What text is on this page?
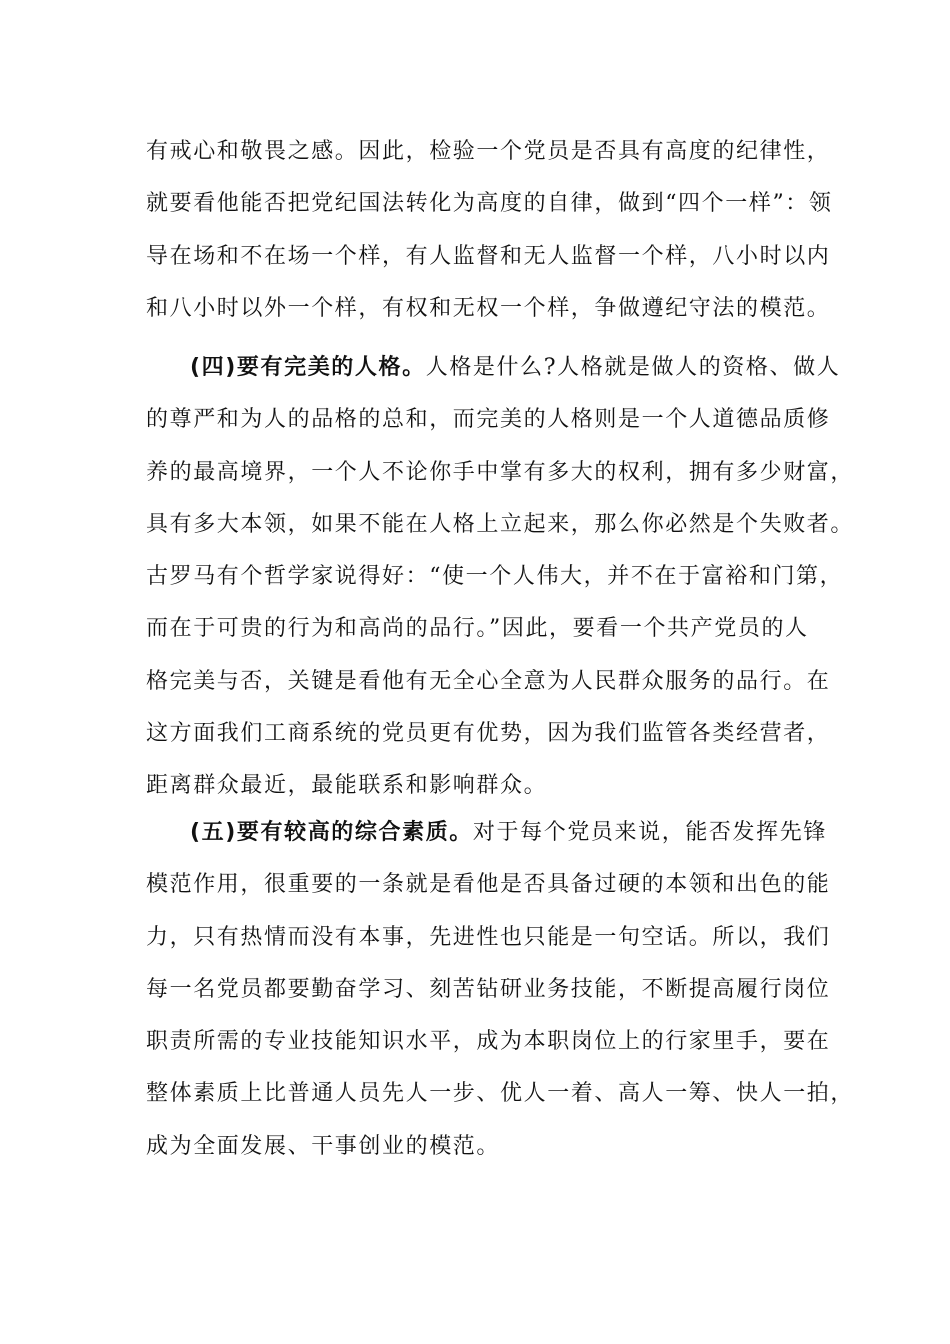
有戒心和敬畏之感。因此，检验一个党员是否具有高度的纪律性，
就要看他能否把党纪国法转化为高度的自律，做到“四个一样”：领
导在场和不在场一个样，有人监督和无人监督一个样，八小时以内
和八小时以外一个样，有权和无权一个样，争做遵纪守法的模范。
(四)要有完美的人格。人格是什么?人格就是做人的资格、做人
的尊严和为人的品格的总和，而完美的人格则是一个人道德品质修
养的最高境界，一个人不论你手中掌有多大的权利，拥有多少财富，
具有多大本领，如果不能在人格上立起来，那么你必然是个失败者。
古罗马有个哲学家说得好：“使一个人伟大，并不在于富裕和门第，
而在于可贵的行为和高尚的品行。”因此，要看一个共产党员的人
格完美与否，关键是看他有无全心全意为人民群众服务的品行。在
这方面我们工商系统的党员更有优势，因为我们监管各类经营者，
距离群众最近，最能联系和影响群众。
(五)要有较高的综合素质。对于每个党员来说，能否发挥先锋
模范作用，很重要的一条就是看他是否具备过硬的本领和出色的能
力，只有热情而没有本事，先进性也只能是一句空话。所以，我们
每一名党员都要勤奋学习、刻苦钻研业务技能，不断提高履行岗位
职责所需的专业技能知识水平，成为本职岗位上的行家里手，要在
整体素质上比普通人员先人一步、优人一着、高人一筹、快人一拍，
成为全面发展、干事创业的模范。
